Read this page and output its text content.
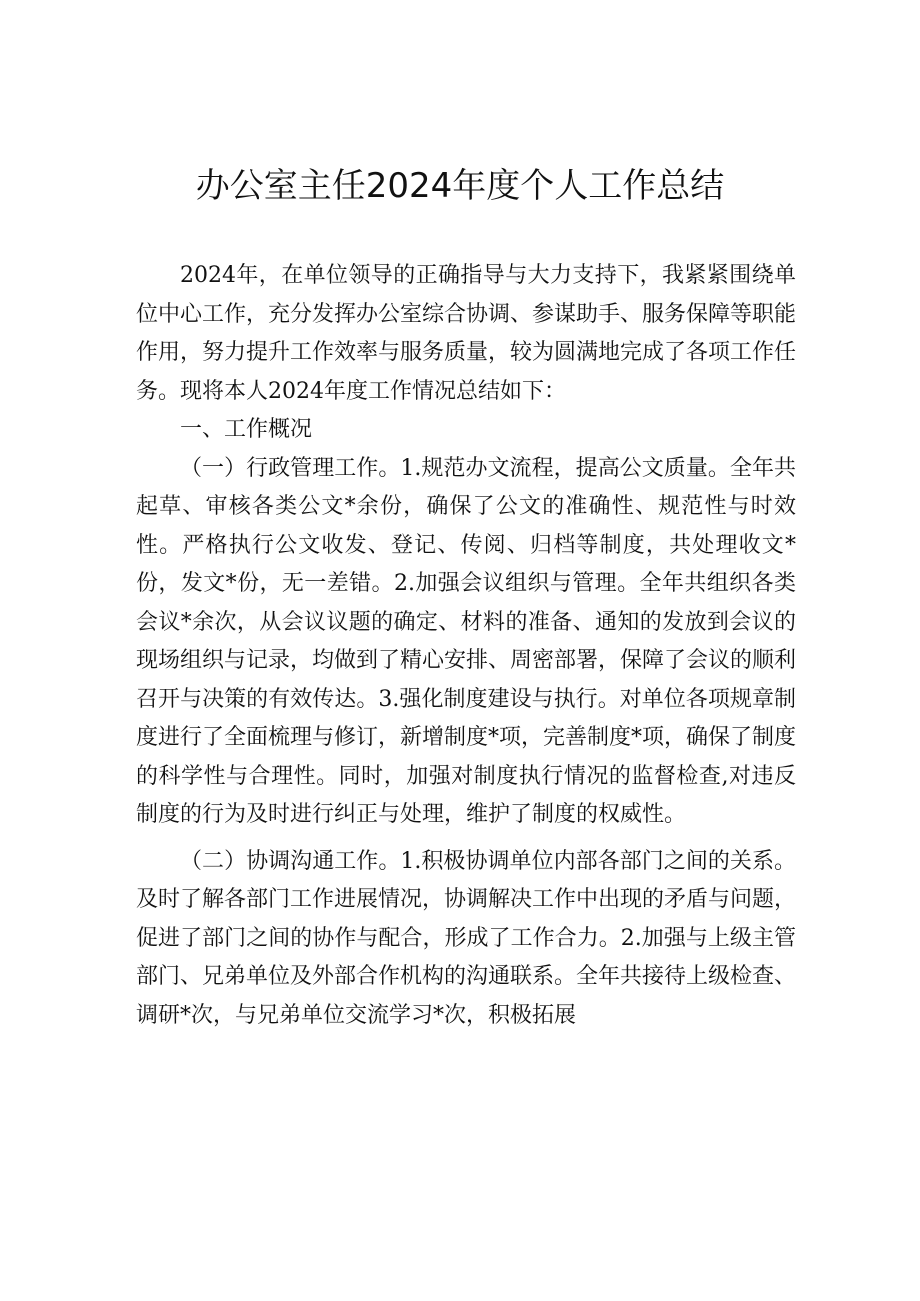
办公室主任2024年度个人工作总结

2024年，在单位领导的正确指导与大力支持下，我紧紧围绕单位中心工作，充分发挥办公室综合协调、参谋助手、服务保障等职能作用，努力提升工作效率与服务质量，较为圆满地完成了各项工作任务。现将本人2024年度工作情况总结如下：

一、工作概况

（一）行政管理工作。1.规范办文流程，提高公文质量。全年共起草、审核各类公文*余份，确保了公文的准确性、规范性与时效性。严格执行公文收发、登记、传阅、归档等制度，共处理收文*份，发文*份，无一差错。2.加强会议组织与管理。全年共组织各类会议*余次，从会议议题的确定、材料的准备、通知的发放到会议的现场组织与记录，均做到了精心安排、周密部署，保障了会议的顺利召开与决策的有效传达。3.强化制度建设与执行。对单位各项规章制度进行了全面梳理与修订，新增制度*项，完善制度*项，确保了制度的科学性与合理性。同时，加强对制度执行情况的监督检查,对违反制度的行为及时进行纠正与处理，维护了制度的权威性。

（二）协调沟通工作。1.积极协调单位内部各部门之间的关系。及时了解各部门工作进展情况，协调解决工作中出现的矛盾与问题，促进了部门之间的协作与配合，形成了工作合力。2.加强与上级主管部门、兄弟单位及外部合作机构的沟通联系。全年共接待上级检查、调研*次，与兄弟单位交流学习*次，积极拓展
